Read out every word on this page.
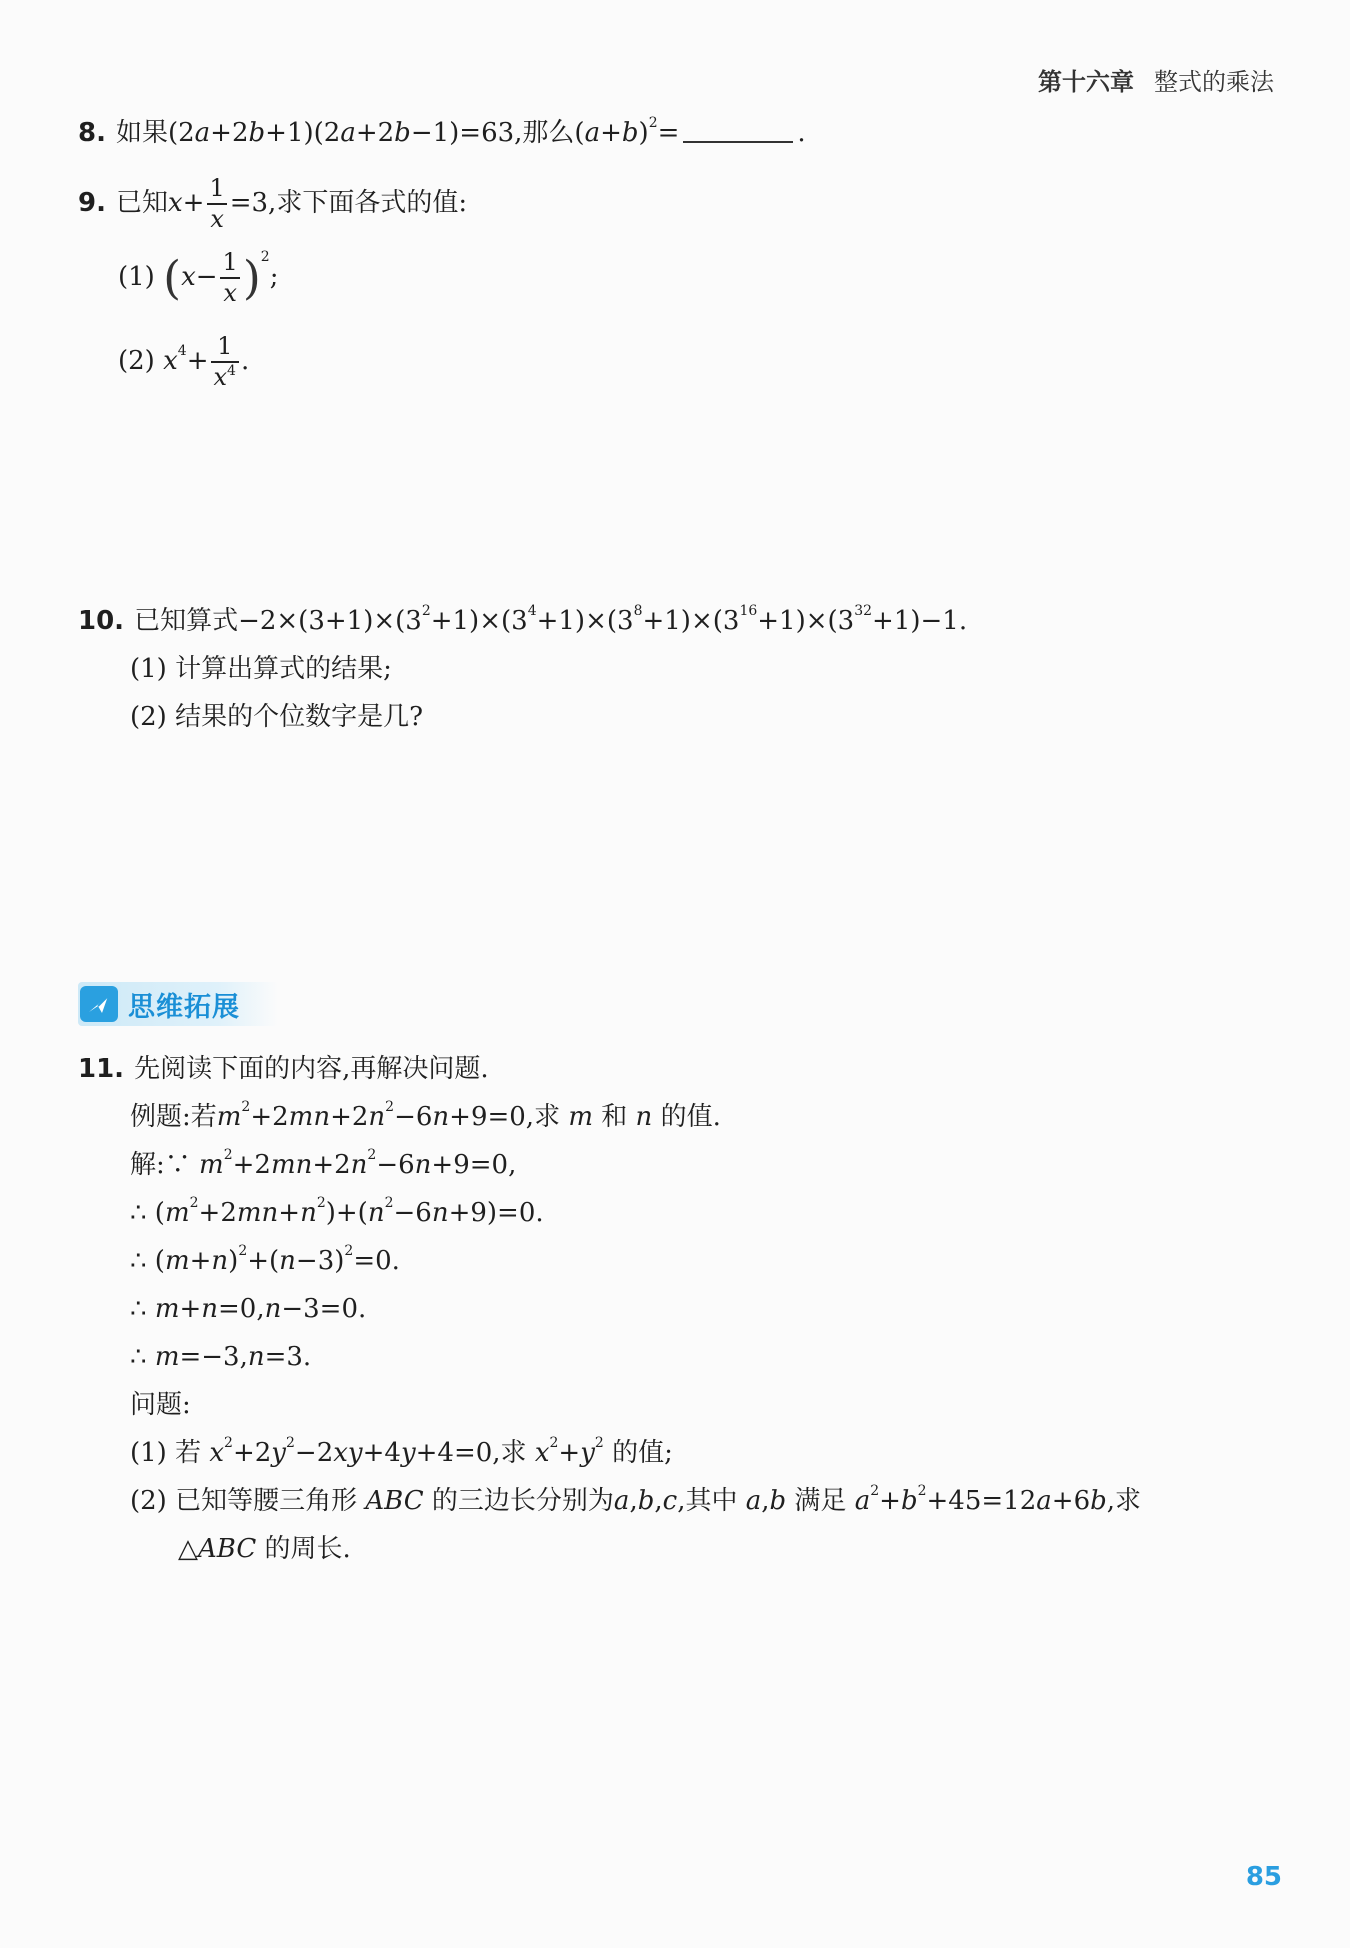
第十六章 整式的乘法
8. 如果(2a+2b+1)(2a+2b−1)=63,那么$(a+b)^2=$	.
9. 已知$x+ \frac{1}{x} =3$,求下面各式的值:
(1) $(x- \frac{1}{x} )^2$;
(2) $x^4+ \frac{1}{x^4}$ .
10. 已知算式$-2\times(3+1)\times(3^2+1)\times(3^4+1)\times(3^8+1)\times(3^{16}+1)\times(3^{32}+1)-1$.
(1) 计算出算式的结果;
(2) 结果的个位数字是几?
思维拓展
11. 先阅读下面的内容,再解决问题.
例题:若$m^2+2mn+2n^2-6n+9=0$,求 m 和 n 的值.
解:∵ $m^2+2mn+2n^2-6n+9=0$,
∴ $(m^2+2mn+n^2)+(n^2-6n+9)=0$.
∴ $(m+n)^2+(n-3)^2=0$.
∴ m+n=0,n−3=0.
∴ m=−3,n=3.
问题:
(1) 若 $x^2+2y^2-2xy+4y+4=0$,求 $x^2+y^2$ 的值;
(2) 已知等腰三角形 ABC 的三边长分别为a,b,c,其中 a,b 满足 $a^2+b^2+45=12a+6b$,求
△ABC 的周长.
85
